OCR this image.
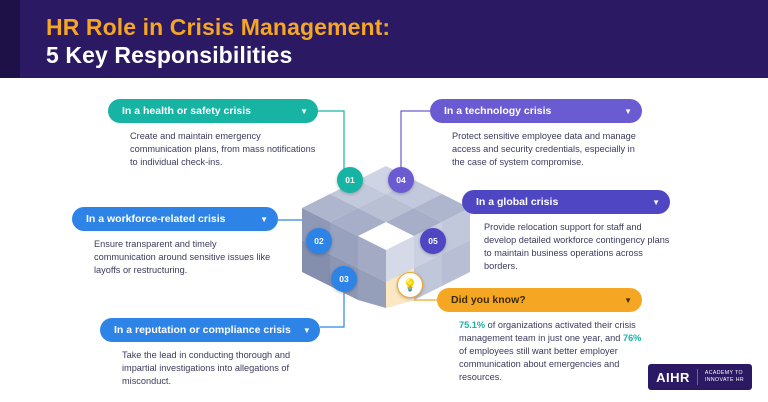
HR Role in Crisis Management:
5 Key Responsibilities
01	04
02	05
03	💡
In a health or safety crisis	▼
Create and maintain emergency communication plans, from mass notifications to individual check-ins.
In a technology crisis	▼
Protect sensitive employee data and manage access and security credentials, especially in the case of system compromise.
In a workforce-related crisis	▼
Ensure transparent and timely communication around sensitive issues like layoffs or restructuring.
In a global crisis	▼
Provide relocation support for staff and develop detailed workforce contingency plans to maintain business operations across borders.
In a reputation or compliance crisis ▼
Take the lead in conducting thorough and impartial investigations into allegations of misconduct.
Did you know?	▼
75.1% of organizations activated their crisis management team in just one year, and 76% of employees still want better employer communication about emergencies and resources.	AIHR	ACADEMY TO
INNOVATE HR
